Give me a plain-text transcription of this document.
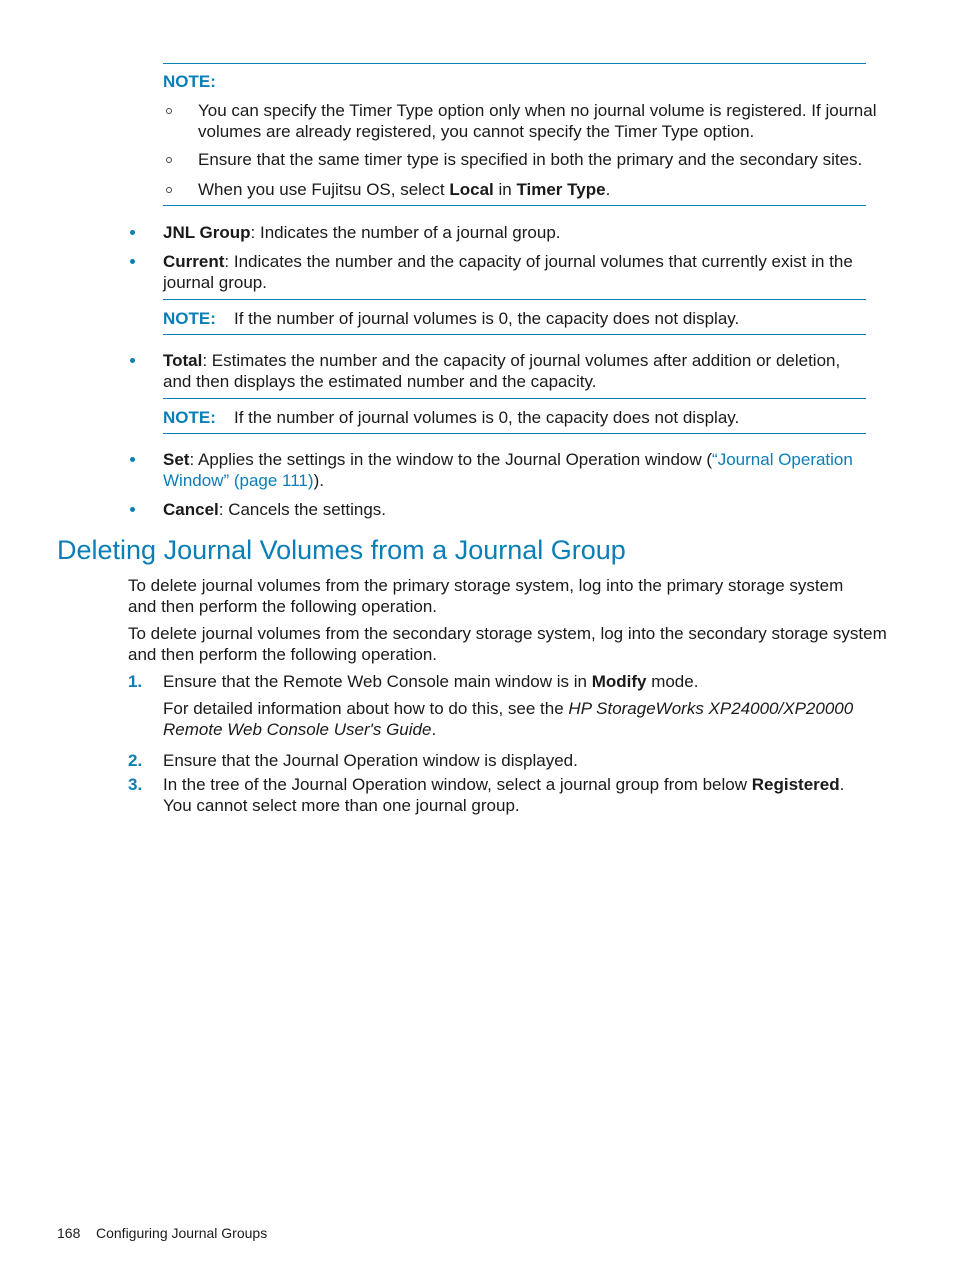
NOTE:
You can specify the Timer Type option only when no journal volume is registered. If journal
volumes are already registered, you cannot specify the Timer Type option.
Ensure that the same timer type is specified in both the primary and the secondary sites.
When you use Fujitsu OS, select Local in Timer Type.
JNL Group: Indicates the number of a journal group.
Current: Indicates the number and the capacity of journal volumes that currently exist in the
journal group.
NOTE: If the number of journal volumes is 0, the capacity does not display.
Total: Estimates the number and the capacity of journal volumes after addition or deletion,
and then displays the estimated number and the capacity.
NOTE: If the number of journal volumes is 0, the capacity does not display.
Set: Applies the settings in the window to the Journal Operation window (“Journal Operation
Window” (page 111)).
Cancel: Cancels the settings.
Deleting Journal Volumes from a Journal Group
To delete journal volumes from the primary storage system, log into the primary storage system
and then perform the following operation.
To delete journal volumes from the secondary storage system, log into the secondary storage system
and then perform the following operation.
1. Ensure that the Remote Web Console main window is in Modify mode.
For detailed information about how to do this, see the HP StorageWorks XP24000/XP20000
Remote Web Console User's Guide.
2. Ensure that the Journal Operation window is displayed.
3. In the tree of the Journal Operation window, select a journal group from below Registered.
You cannot select more than one journal group.
168 Configuring Journal Groups
